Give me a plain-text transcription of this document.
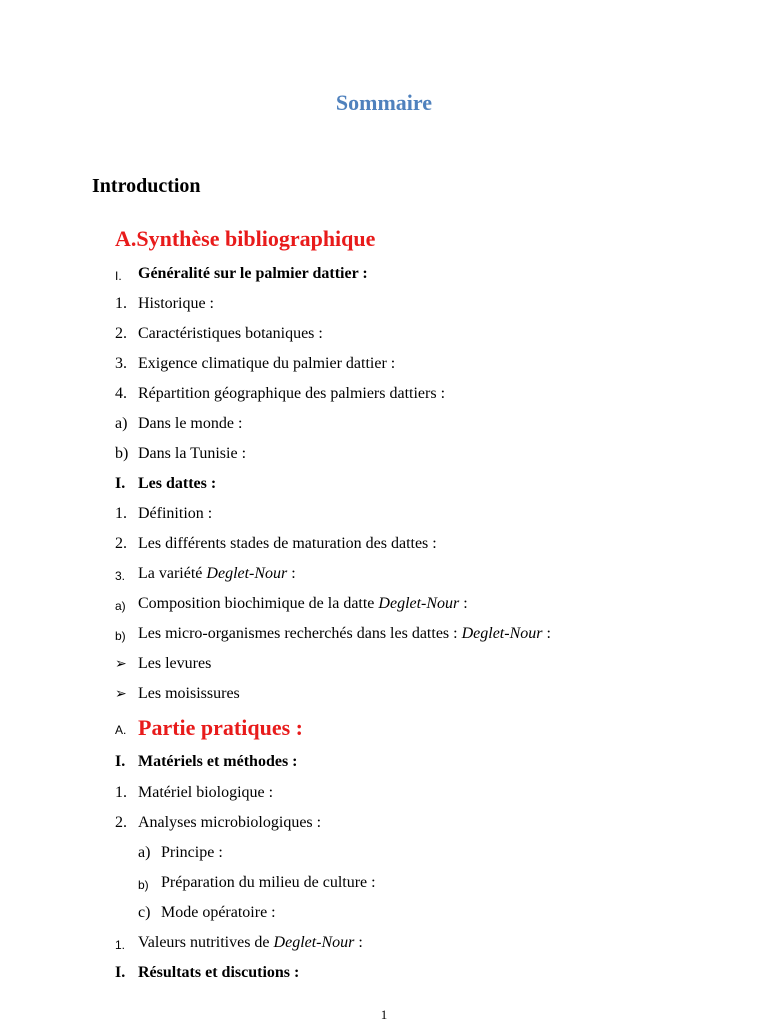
Sommaire
Introduction
A.Synthèse bibliographique
I. Généralité sur le palmier dattier :
1. Historique :
2. Caractéristiques botaniques :
3. Exigence climatique du palmier dattier :
4. Répartition géographique des palmiers dattiers :
a) Dans le monde :
b) Dans la Tunisie :
I. Les dattes :
1. Définition :
2. Les différents stades de maturation des dattes :
3. La variété Deglet-Nour :
a) Composition biochimique de la datte Deglet-Nour :
b) Les micro-organismes recherchés dans les dattes : Deglet-Nour :
➢ Les levures
➢ Les moisissures
A. Partie pratiques :
I. Matériels et méthodes :
1. Matériel biologique :
2. Analyses microbiologiques :
a) Principe :
b) Préparation du milieu de culture :
c) Mode opératoire :
1. Valeurs nutritives de Deglet-Nour :
I. Résultats et discutions :
1
